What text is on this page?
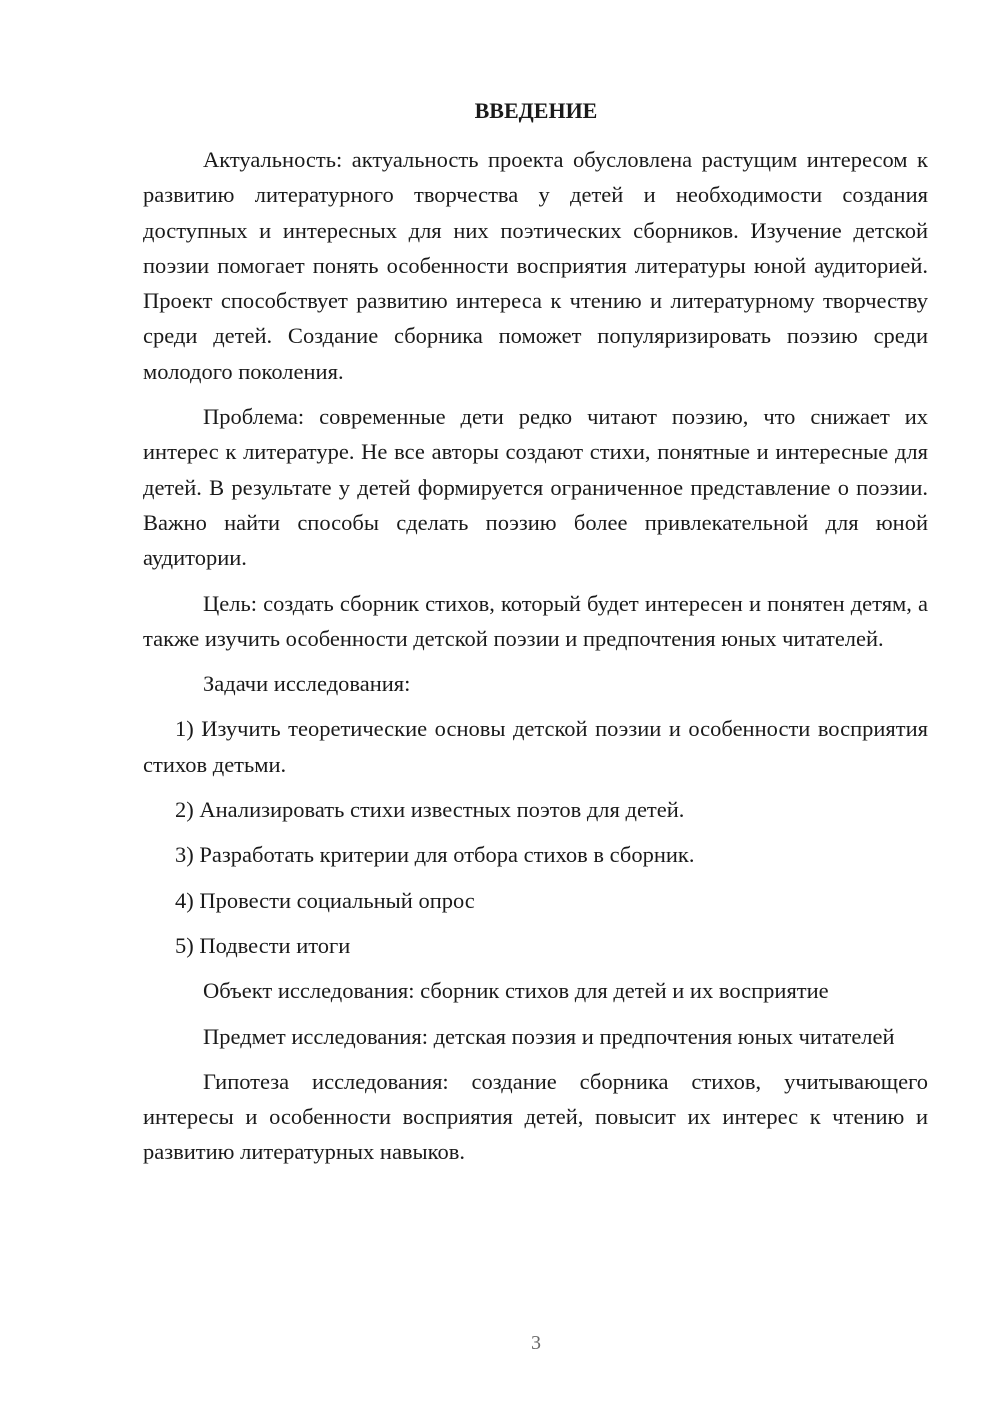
ВВЕДЕНИЕ

Актуальность: актуальность проекта обусловлена растущим интересом к развитию литературного творчества у детей и необходимости создания доступных и интересных для них поэтических сборников. Изучение детской поэзии помогает понять особенности восприятия литературы юной аудиторией. Проект способствует развитию интереса к чтению и литературному творчеству среди детей. Создание сборника поможет популяризировать поэзию среди молодого поколения.

Проблема: современные дети редко читают поэзию, что снижает их интерес к литературе. Не все авторы создают стихи, понятные и интересные для детей. В результате у детей формируется ограниченное представление о поэзии. Важно найти способы сделать поэзию более привлекательной для юной аудитории.

Цель: создать сборник стихов, который будет интересен и понятен детям, а также изучить особенности детской поэзии и предпочтения юных читателей.

Задачи исследования:

1) Изучить теоретические основы детской поэзии и особенности восприятия стихов детьми.

2) Анализировать стихи известных поэтов для детей.

3) Разработать критерии для отбора стихов в сборник.

4) Провести социальный опрос

5) Подвести итоги

Объект исследования: сборник стихов для детей и их восприятие

Предмет исследования: детская поэзия и предпочтения юных читателей

Гипотеза исследования: создание сборника стихов, учитывающего интересы и особенности восприятия детей, повысит их интерес к чтению и развитию литературных навыков.

3
